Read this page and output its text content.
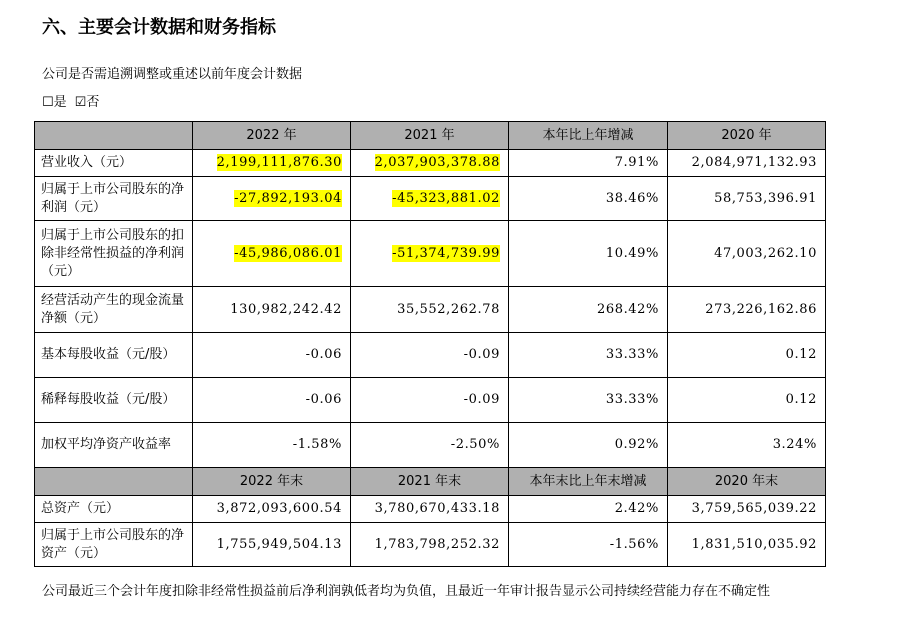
六、主要会计数据和财务指标
公司是否需追溯调整或重述以前年度会计数据
☐是 ☑否
	2022 年	2021 年	本年比上年增减	2020 年
营业收入（元）	2,199,111,876.30	2,037,903,378.88	7.91%	2,084,971,132.93
归属于上市公司股东的净利润（元）	-27,892,193.04	-45,323,881.02	38.46%	58,753,396.91
归属于上市公司股东的扣除非经常性损益的净利润（元）	-45,986,086.01	-51,374,739.99	10.49%	47,003,262.10
经营活动产生的现金流量净额（元）	130,982,242.42	35,552,262.78	268.42%	273,226,162.86
基本每股收益（元/股）	-0.06	-0.09	33.33%	0.12
稀释每股收益（元/股）	-0.06	-0.09	33.33%	0.12
加权平均净资产收益率	-1.58%	-2.50%	0.92%	3.24%
	2022 年末	2021 年末	本年末比上年末增减	2020 年末
总资产（元）	3,872,093,600.54	3,780,670,433.18	2.42%	3,759,565,039.22
归属于上市公司股东的净资产（元）	1,755,949,504.13	1,783,798,252.32	-1.56%	1,831,510,035.92
公司最近三个会计年度扣除非经常性损益前后净利润孰低者均为负值，且最近一年审计报告显示公司持续经营能力存在不确定性
